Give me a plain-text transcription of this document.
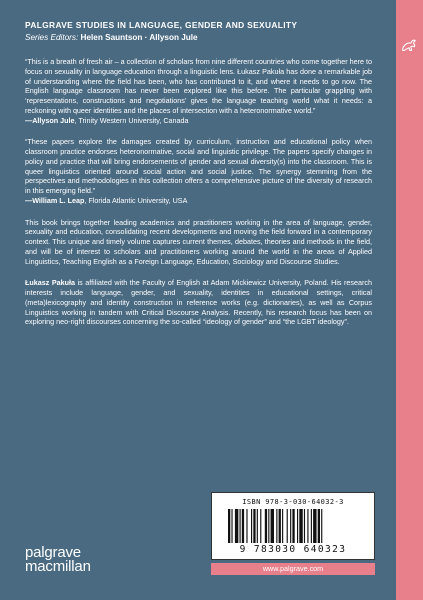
PALGRAVE STUDIES IN LANGUAGE, GENDER AND SEXUALITY
Series Editors: Helen Sauntson · Allyson Jule

“This is a breath of fresh air – a collection of scholars from nine different countries who come together here to focus on sexuality in language education through a linguistic lens. Łukasz Pakuła has done a remarkable job of understanding where the field has been, who has contributed to it, and where it needs to go now. The English language classroom has never been explored like this before. The particular grappling with ‘representations, constructions and negotiations’ gives the language teaching world what it needs: a reckoning with queer identities and the places of intersection with a heteronormative world.”

—Allyson Jule, Trinity Western University, Canada

“These papers explore the damages created by curriculum, instruction and educational policy when classroom practice endorses heteronormative, social and linguistic privilege. The papers specify changes in policy and practice that will bring endorsements of gender and sexual diversity(s) into the classroom. This is queer linguistics oriented around social action and social justice. The synergy stemming from the perspectives and methodologies in this collection offers a comprehensive picture of the diversity of research in this emerging field.”

—William L. Leap, Florida Atlantic University, USA

This book brings together leading academics and practitioners working in the area of language, gender, sexuality and education, consolidating recent developments and moving the field forward in a contemporary context. This unique and timely volume captures current themes, debates, theories and methods in the field, and will be of interest to scholars and practitioners working around the world in the areas of Applied Linguistics, Teaching English as a Foreign Language, Education, Sociology and Discourse Studies.

Łukasz Pakuła is affiliated with the Faculty of English at Adam Mickiewicz University, Poland. His research interests include language, gender, and sexuality, identities in educational settings, critical (meta)lexicography and identity construction in reference works (e.g. dictionaries), as well as Corpus Linguistics working in tandem with Critical Discourse Analysis. Recently, his research focus has been on exploring neo-right discourses concerning the so-called “ideology of gender” and “the LGBT ideology”.

ISBN 978-3-030-64032-3
9 783030 640323
www.palgrave.com
palgrave
macmillan
